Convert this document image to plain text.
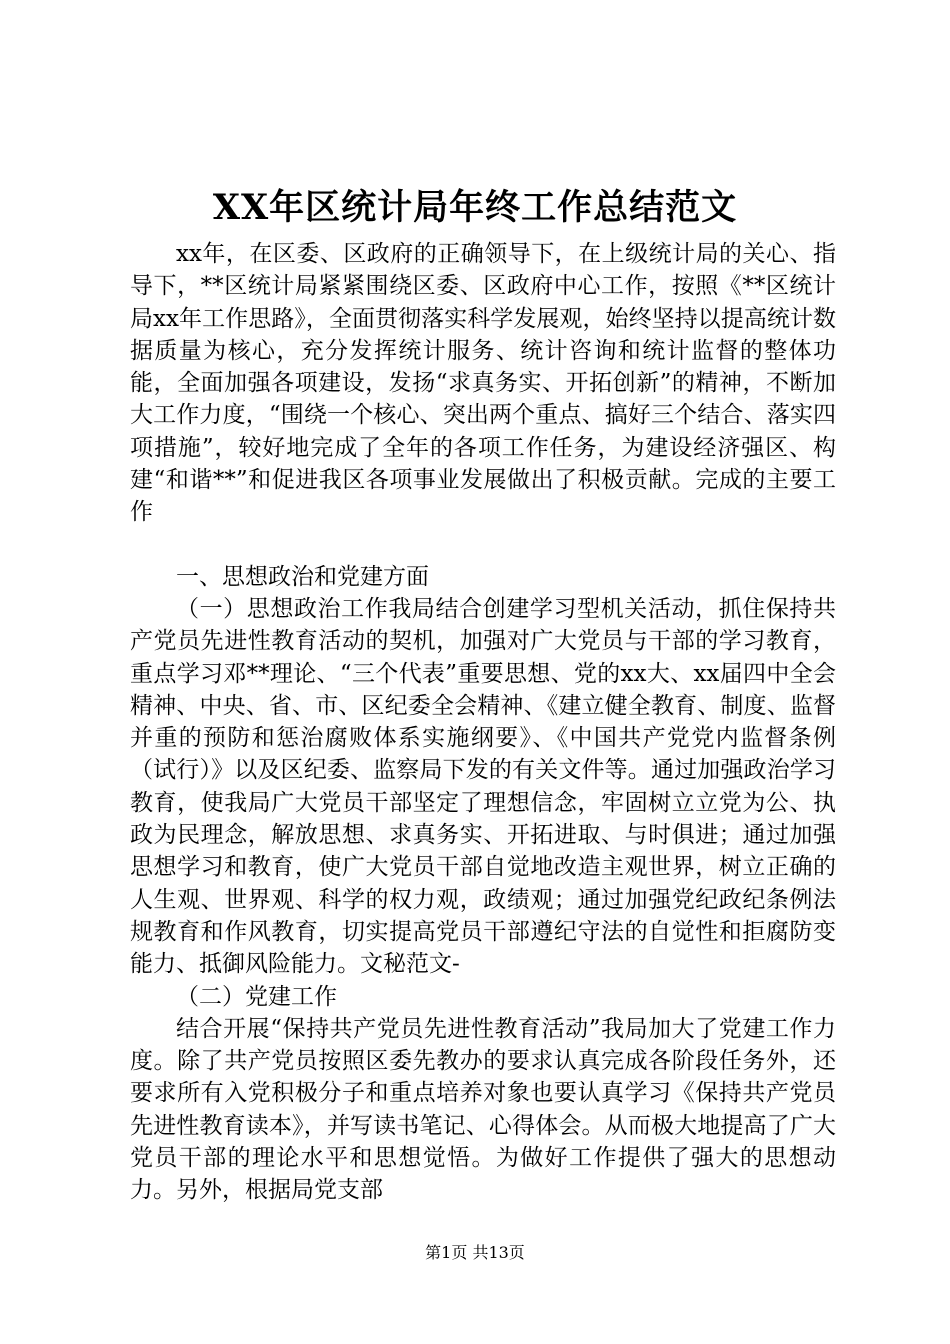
XX年区统计局年终工作总结范文

xx年，在区委、区政府的正确领导下，在上级统计局的关心、指导下，**区统计局紧紧围绕区委、区政府中心工作，按照《**区统计局xx年工作思路》，全面贯彻落实科学发展观，始终坚持以提高统计数据质量为核心，充分发挥统计服务、统计咨询和统计监督的整体功能，全面加强各项建设，发扬“求真务实、开拓创新”的精神，不断加大工作力度，“围绕一个核心、突出两个重点、搞好三个结合、落实四项措施”，较好地完成了全年的各项工作任务，为建设经济强区、构建“和谐**”和促进我区各项事业发展做出了积极贡献。完成的主要工作

一、思想政治和党建方面

（一）思想政治工作我局结合创建学习型机关活动，抓住保持共产党员先进性教育活动的契机，加强对广大党员与干部的学习教育，重点学习邓**理论、“三个代表”重要思想、党的xx大、xx届四中全会精神、中央、省、市、区纪委全会精神、《建立健全教育、制度、监督并重的预防和惩治腐败体系实施纲要》、《中国共产党党内监督条例（试行）》以及区纪委、监察局下发的有关文件等。通过加强政治学习教育，使我局广大党员干部坚定了理想信念，牢固树立立党为公、执政为民理念，解放思想、求真务实、开拓进取、与时俱进；通过加强思想学习和教育，使广大党员干部自觉地改造主观世界，树立正确的人生观、世界观、科学的权力观，政绩观；通过加强党纪政纪条例法规教育和作风教育，切实提高党员干部遵纪守法的自觉性和拒腐防变能力、抵御风险能力。文秘范文-

（二）党建工作

结合开展“保持共产党员先进性教育活动”我局加大了党建工作力度。除了共产党员按照区委先教办的要求认真完成各阶段任务外，还要求所有入党积极分子和重点培养对象也要认真学习《保持共产党员先进性教育读本》，并写读书笔记、心得体会。从而极大地提高了广大党员干部的理论水平和思想觉悟。为做好工作提供了强大的思想动力。另外，根据局党支部

第1页 共13页
